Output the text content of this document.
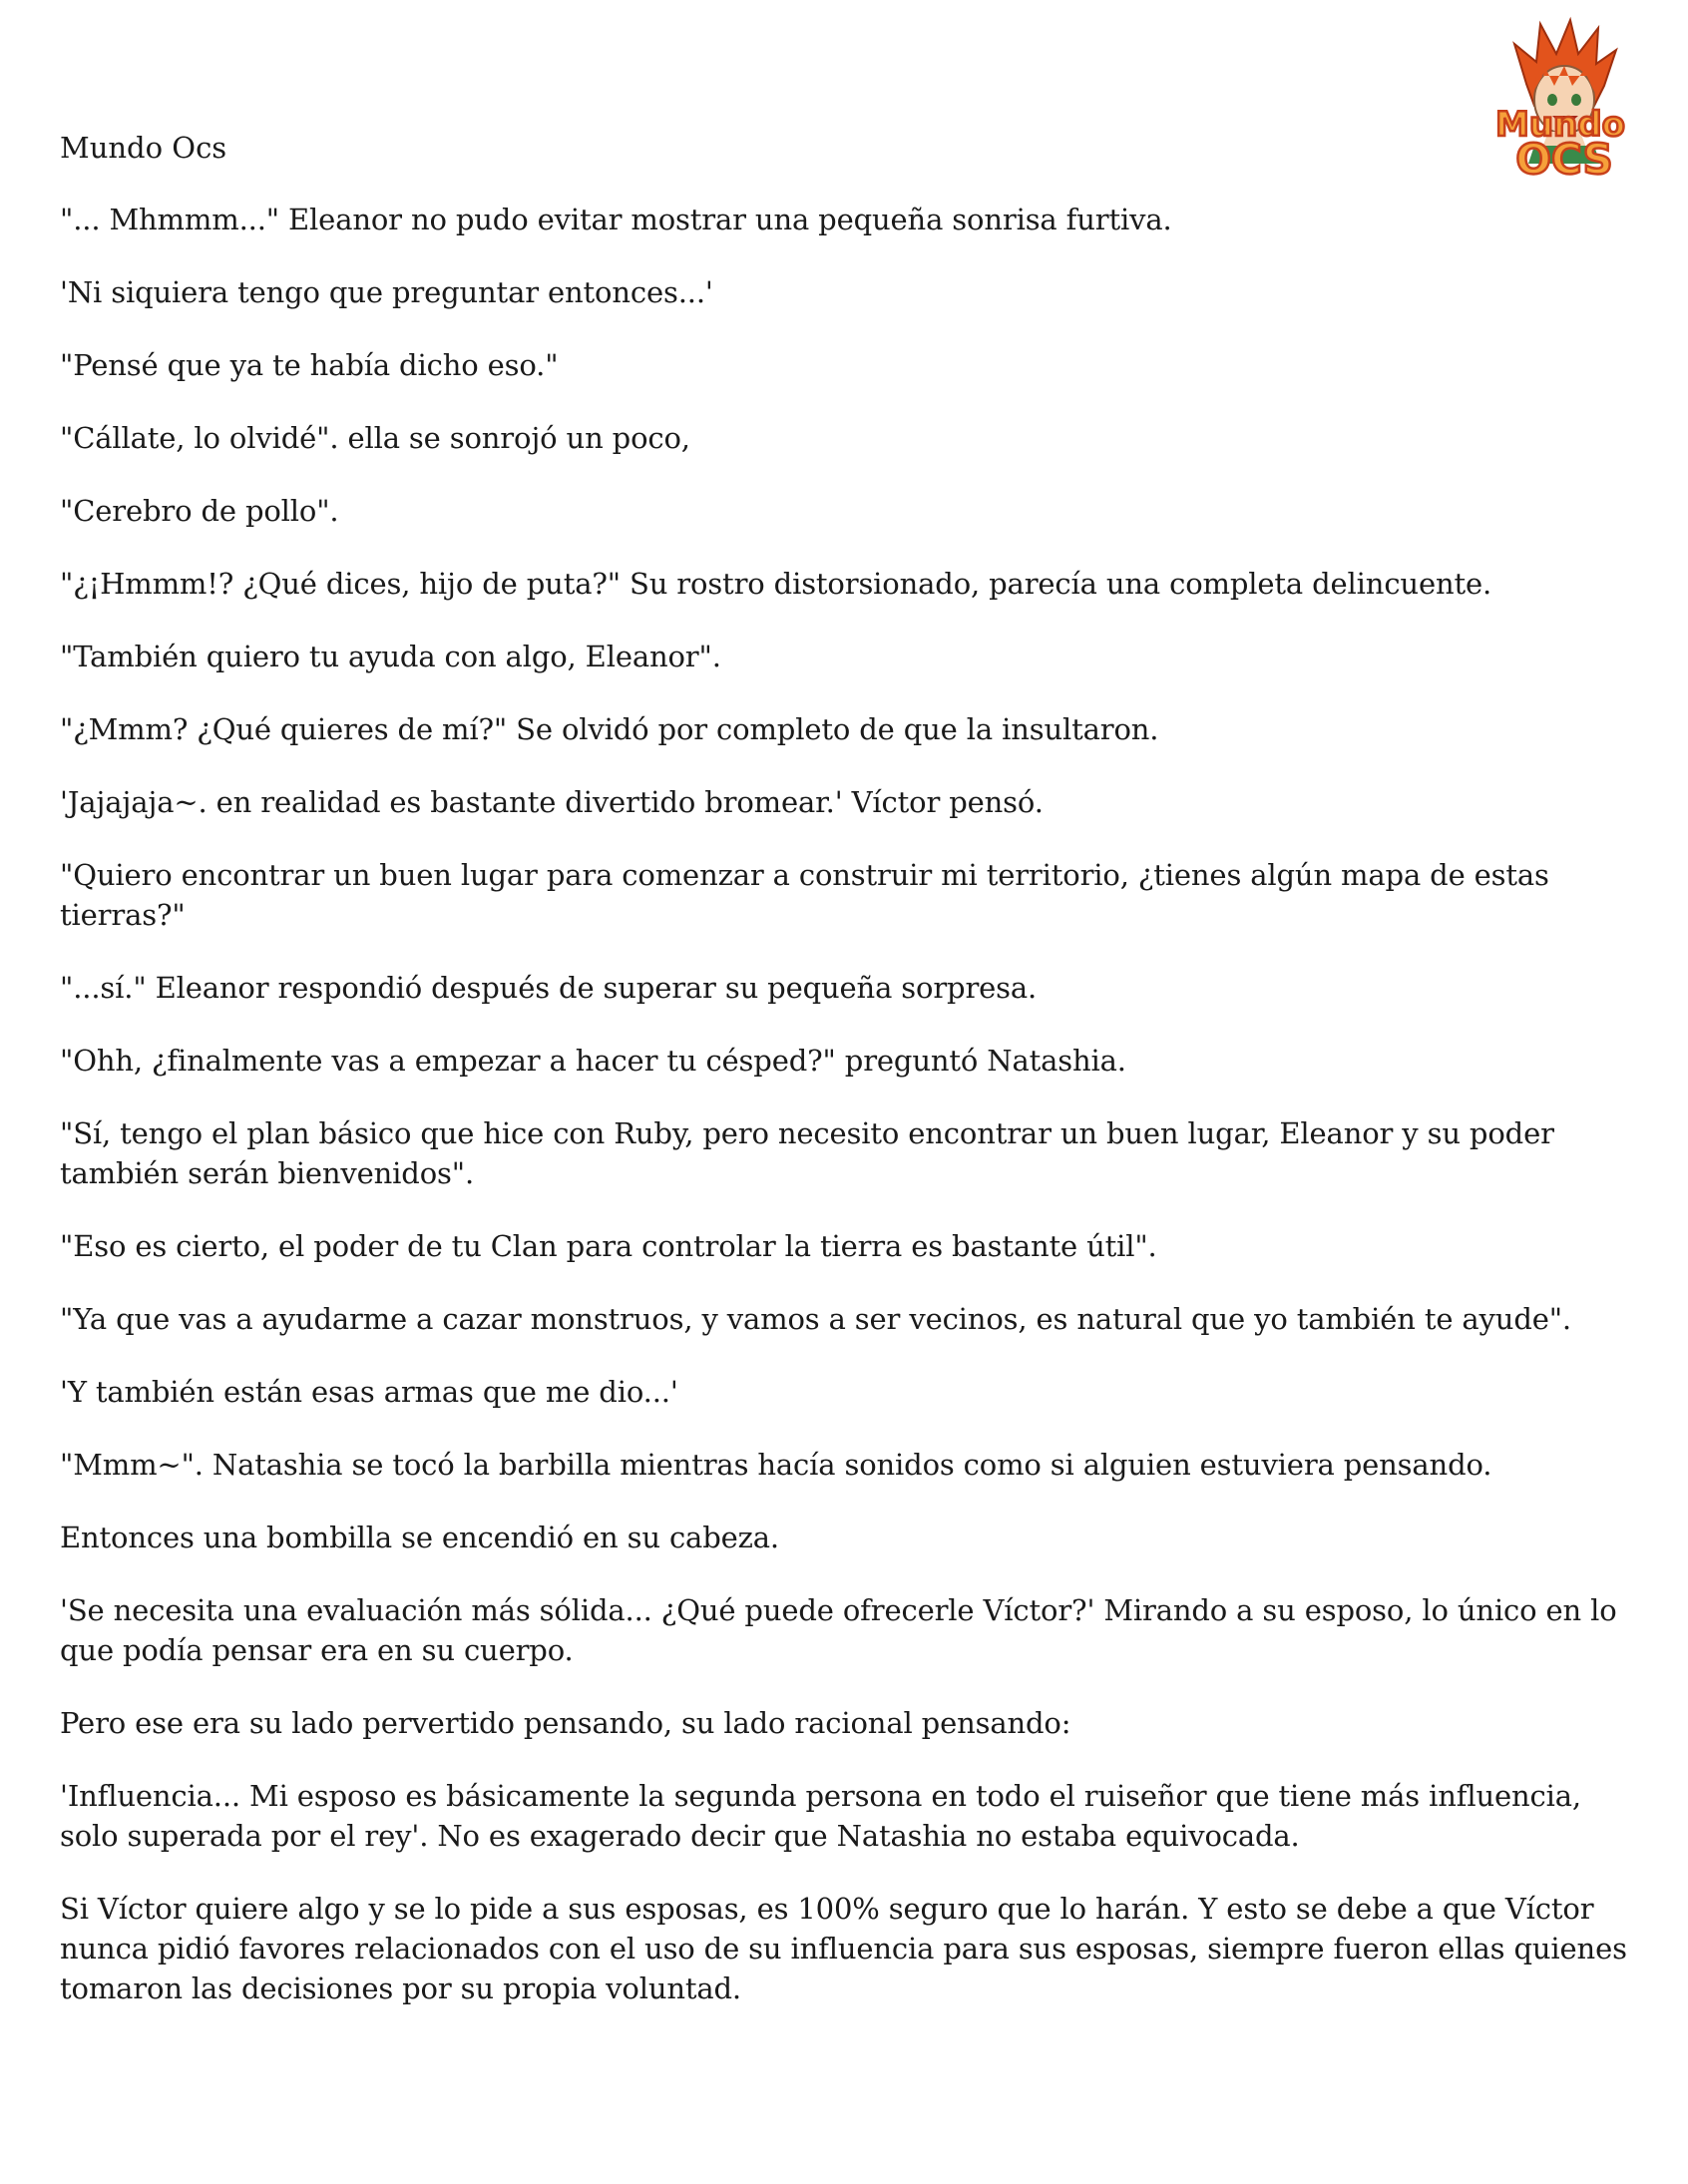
Mundo
OCS

Mundo Ocs

"... Mhmmm..." Eleanor no pudo evitar mostrar una pequeña sonrisa furtiva.

'Ni siquiera tengo que preguntar entonces...'

"Pensé que ya te había dicho eso."

"Cállate, lo olvidé". ella se sonrojó un poco,

"Cerebro de pollo".

"¿¡Hmmm!? ¿Qué dices, hijo de puta?" Su rostro distorsionado, parecía una completa delincuente.

"También quiero tu ayuda con algo, Eleanor".

"¿Mmm? ¿Qué quieres de mí?" Se olvidó por completo de que la insultaron.

'Jajajaja~. en realidad es bastante divertido bromear.' Víctor pensó.

"Quiero encontrar un buen lugar para comenzar a construir mi territorio, ¿tienes algún mapa de estas tierras?"

"...sí." Eleanor respondió después de superar su pequeña sorpresa.

"Ohh, ¿finalmente vas a empezar a hacer tu césped?" preguntó Natashia.

"Sí, tengo el plan básico que hice con Ruby, pero necesito encontrar un buen lugar, Eleanor y su poder también serán bienvenidos".

"Eso es cierto, el poder de tu Clan para controlar la tierra es bastante útil".

"Ya que vas a ayudarme a cazar monstruos, y vamos a ser vecinos, es natural que yo también te ayude".

'Y también están esas armas que me dio...'

"Mmm~". Natashia se tocó la barbilla mientras hacía sonidos como si alguien estuviera pensando.

Entonces una bombilla se encendió en su cabeza.

'Se necesita una evaluación más sólida... ¿Qué puede ofrecerle Víctor?' Mirando a su esposo, lo único en lo que podía pensar era en su cuerpo.

Pero ese era su lado pervertido pensando, su lado racional pensando:

'Influencia... Mi esposo es básicamente la segunda persona en todo el ruiseñor que tiene más influencia, solo superada por el rey'. No es exagerado decir que Natashia no estaba equivocada.

Si Víctor quiere algo y se lo pide a sus esposas, es 100% seguro que lo harán. Y esto se debe a que Víctor nunca pidió favores relacionados con el uso de su influencia para sus esposas, siempre fueron ellas quienes tomaron las decisiones por su propia voluntad.
